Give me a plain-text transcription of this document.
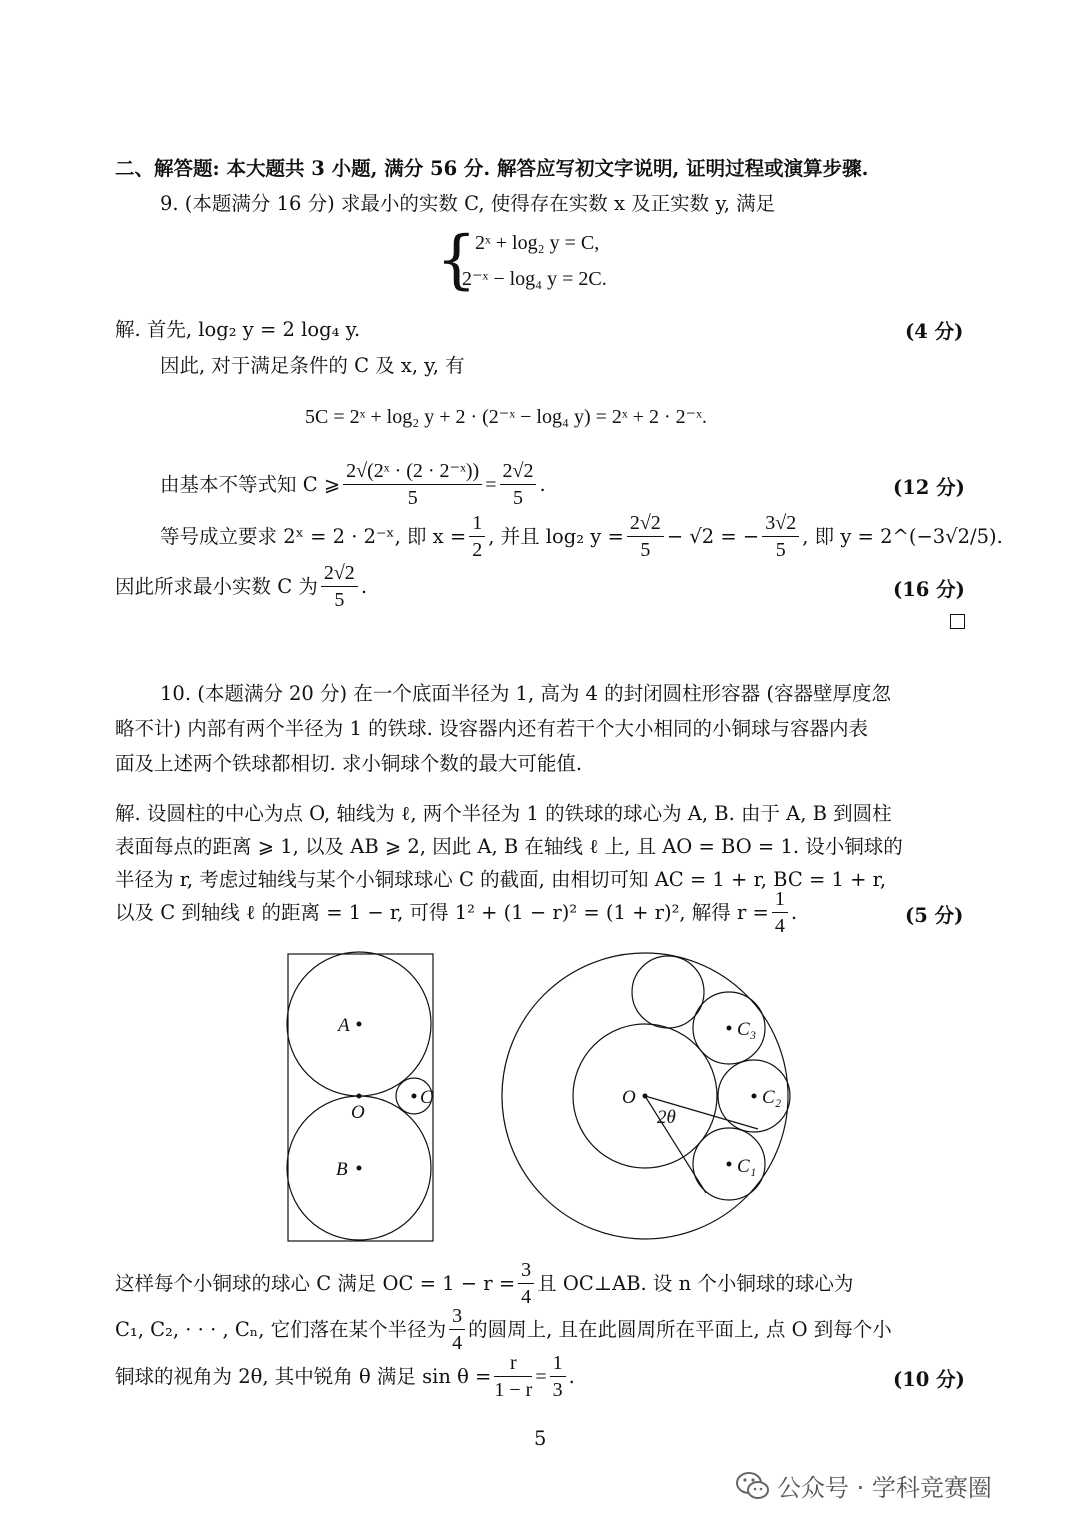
二、解答题: 本大题共 3 小题, 满分 56 分. 解答应写初文字说明, 证明过程或演算步骤.
9. (本题满分 16 分) 求最小的实数 C, 使得存在实数 x 及正实数 y, 满足
{
2ˣ + log₂ y = C,
2⁻ˣ − log₄ y = 2C.
解. 首先, log₂ y = 2 log₄ y.	(4 分)
因此, 对于满足条件的 C 及 x, y, 有
5C = 2ˣ + log₂ y + 2 · (2⁻ˣ − log₄ y) = 2ˣ + 2 · 2⁻ˣ.
由基本不等式知 C ⩾ $\frac{\text{2√(2ˣ · (2 · 2⁻ˣ))}}{5} = \frac{2√2}{5}$ .	(12 分)
等号成立要求 2ˣ = 2 · 2⁻ˣ, 即 $x = \frac{1}{2}$ , 并且 log₂ $y = \frac{2√2}{5} - √2$ = − $\frac{3√2}{5}$ , 即 y = 2^(−3√2/5).
因此所求最小实数 C 为 $\frac{2√2}{5}$ .	(16 分)
10. (本题满分 20 分) 在一个底面半径为 1, 高为 4 的封闭圆柱形容器 (容器壁厚度忽
略不计) 内部有两个半径为 1 的铁球. 设容器内还有若干个大小相同的小铜球与容器内表
面及上述两个铁球都相切. 求小铜球个数的最大可能值.
解. 设圆柱的中心为点 O, 轴线为 ℓ, 两个半径为 1 的铁球的球心为 A, B. 由于 A, B 到圆柱
表面每点的距离 ⩾ 1, 以及 AB ⩾ 2, 因此 A, B 在轴线 ℓ 上, 且 AO = BO = 1. 设小铜球的
半径为 r, 考虑过轴线与某个小铜球球心 C 的截面, 由相切可知 AC = 1 + r, BC = 1 + r,
以及 C 到轴线 ℓ 的距离 = 1 − r, 可得 1² + (1 − r)² = (1 + r)², 解得 $r = \frac{1}{4}$ .	(5 分)
A
O
B
C	O
2θ
C₁
C₂
C₃
这样每个小铜球的球心 C 满足 OC = $1 - r = \frac{3}{4}$ 且 OC⊥AB. 设 n 个小铜球的球心为
C₁, C₂, · · · , Cₙ, 它们落在某个半径为 $\frac{3}{4}$ 的圆周上, 且在此圆周所在平面上, 点 O 到每个小
铜球的视角为 2θ, 其中锐角 θ 满足 $\sin \theta = \frac{r}{1 - r} = \frac{1}{3}$ .	(10 分)
5
公众号 · 学科竞赛圈
